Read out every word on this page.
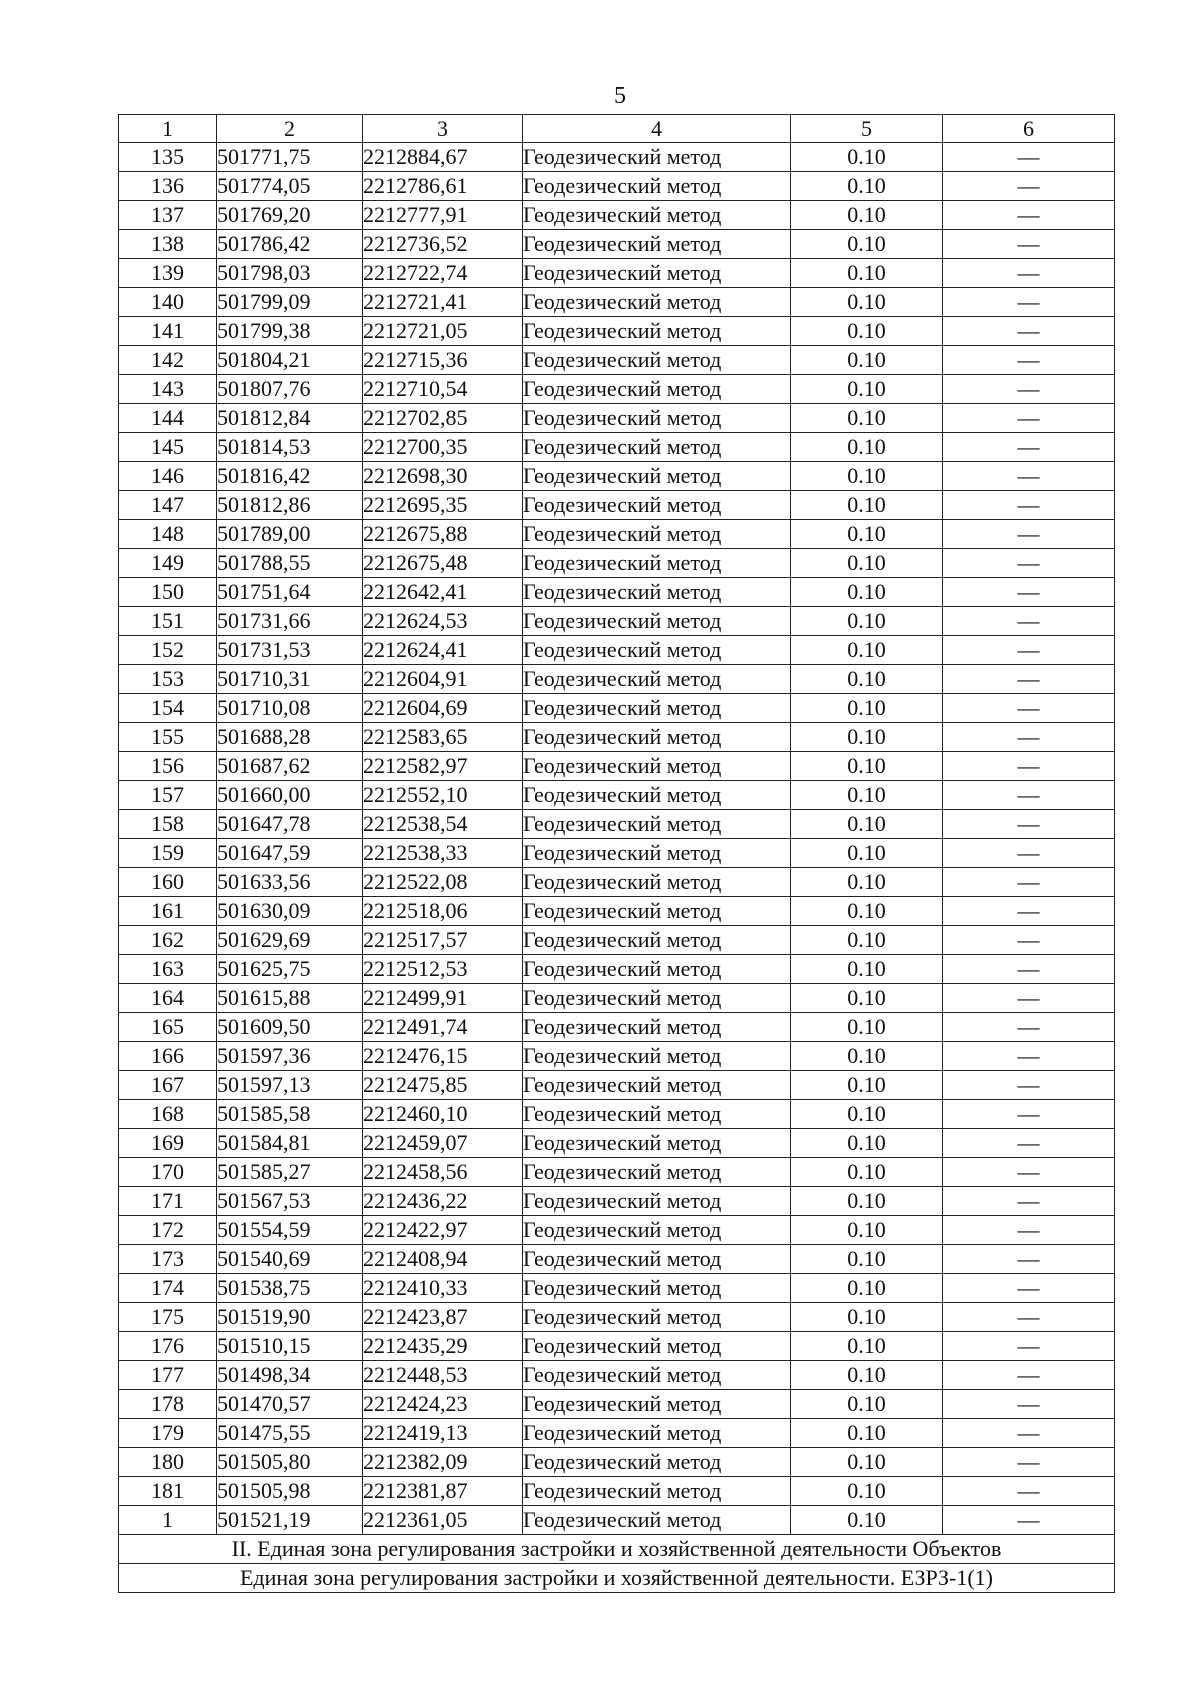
5
1	2	3	4	5	6
135	501771,75	2212884,67	Геодезический метод	0.10	—
136	501774,05	2212786,61	Геодезический метод	0.10	—
137	501769,20	2212777,91	Геодезический метод	0.10	—
138	501786,42	2212736,52	Геодезический метод	0.10	—
139	501798,03	2212722,74	Геодезический метод	0.10	—
140	501799,09	2212721,41	Геодезический метод	0.10	—
141	501799,38	2212721,05	Геодезический метод	0.10	—
142	501804,21	2212715,36	Геодезический метод	0.10	—
143	501807,76	2212710,54	Геодезический метод	0.10	—
144	501812,84	2212702,85	Геодезический метод	0.10	—
145	501814,53	2212700,35	Геодезический метод	0.10	—
146	501816,42	2212698,30	Геодезический метод	0.10	—
147	501812,86	2212695,35	Геодезический метод	0.10	—
148	501789,00	2212675,88	Геодезический метод	0.10	—
149	501788,55	2212675,48	Геодезический метод	0.10	—
150	501751,64	2212642,41	Геодезический метод	0.10	—
151	501731,66	2212624,53	Геодезический метод	0.10	—
152	501731,53	2212624,41	Геодезический метод	0.10	—
153	501710,31	2212604,91	Геодезический метод	0.10	—
154	501710,08	2212604,69	Геодезический метод	0.10	—
155	501688,28	2212583,65	Геодезический метод	0.10	—
156	501687,62	2212582,97	Геодезический метод	0.10	—
157	501660,00	2212552,10	Геодезический метод	0.10	—
158	501647,78	2212538,54	Геодезический метод	0.10	—
159	501647,59	2212538,33	Геодезический метод	0.10	—
160	501633,56	2212522,08	Геодезический метод	0.10	—
161	501630,09	2212518,06	Геодезический метод	0.10	—
162	501629,69	2212517,57	Геодезический метод	0.10	—
163	501625,75	2212512,53	Геодезический метод	0.10	—
164	501615,88	2212499,91	Геодезический метод	0.10	—
165	501609,50	2212491,74	Геодезический метод	0.10	—
166	501597,36	2212476,15	Геодезический метод	0.10	—
167	501597,13	2212475,85	Геодезический метод	0.10	—
168	501585,58	2212460,10	Геодезический метод	0.10	—
169	501584,81	2212459,07	Геодезический метод	0.10	—
170	501585,27	2212458,56	Геодезический метод	0.10	—
171	501567,53	2212436,22	Геодезический метод	0.10	—
172	501554,59	2212422,97	Геодезический метод	0.10	—
173	501540,69	2212408,94	Геодезический метод	0.10	—
174	501538,75	2212410,33	Геодезический метод	0.10	—
175	501519,90	2212423,87	Геодезический метод	0.10	—
176	501510,15	2212435,29	Геодезический метод	0.10	—
177	501498,34	2212448,53	Геодезический метод	0.10	—
178	501470,57	2212424,23	Геодезический метод	0.10	—
179	501475,55	2212419,13	Геодезический метод	0.10	—
180	501505,80	2212382,09	Геодезический метод	0.10	—
181	501505,98	2212381,87	Геодезический метод	0.10	—
1	501521,19	2212361,05	Геодезический метод	0.10	—
II. Единая зона регулирования застройки и хозяйственной деятельности Объектов					
Единая зона регулирования застройки и хозяйственной деятельности. ЕЗРЗ-1(1)					
